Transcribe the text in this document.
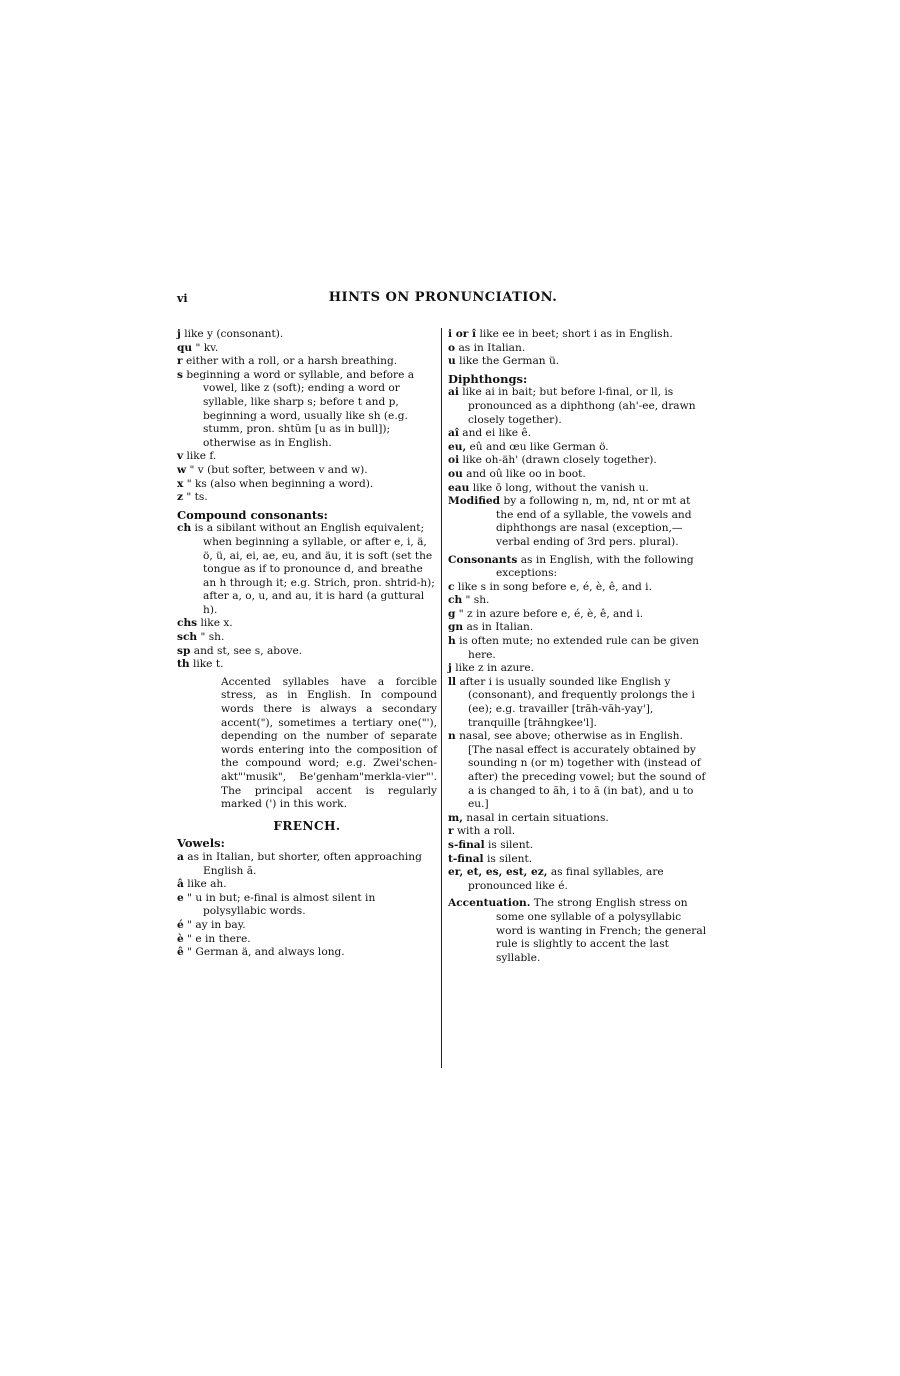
vi	HINTS ON PRONUNCIATION.
j like y (consonant).
qu " kv.
r either with a roll, or a harsh breathing.
s beginning a word or syllable, and before a vowel, like z (soft); ending a word or syllable, like sharp s; before t and p, beginning a word, usually like sh (e.g. stumm, pron. shtŭm [u as in bull]); otherwise as in English.
v like f.
w " v (but softer, between v and w).
x " ks (also when beginning a word).
z " ts.
Compound consonants:
ch is a sibilant without an English equivalent; when beginning a syllable, or after e, i, ä, ö, ü, ai, ei, ae, eu, and äu, it is soft (set the tongue as if to pronounce d, and breathe an h through it; e.g. Strich, pron. shtrid-h); after a, o, u, and au, it is hard (a guttural h).
chs like x.
sch " sh.
sp and st, see s, above.
th like t.
Accented syllables have a forcible stress, as in English. In compound words there is always a secondary accent("), sometimes a tertiary one("'), depending on the number of separate words entering into the composition of the compound word; e.g. Zwei'schen-akt"'musik", Be'genham"merkla-vier"'. The principal accent is regularly marked (') in this work.
FRENCH.
Vowels:
a as in Italian, but shorter, often approaching English ă.
â like ah.
e " u in but; e-final is almost silent in polysyllabic words.
é " ay in bay.
è " e in there.
ê " German ä, and always long.
i or î like ee in beet; short i as in English.
o as in Italian.
u like the German ü.
Diphthongs:
ai like ai in bait; but before l-final, or ll, is pronounced as a diphthong (ah'-ee, drawn closely together).
aî and ei like ê.
eu, eû and œu like German ö.
oi like oh-äh' (drawn closely together).
ou and oû like oo in boot.
eau like ō long, without the vanish u.
Modified by a following n, m, nd, nt or mt at the end of a syllable, the vowels and diphthongs are nasal (exception,—verbal ending of 3rd pers. plural).
Consonants as in English, with the following exceptions:
c like s in song before e, é, è, ê, and i.
ch " sh.
g " z in azure before e, é, è, ê, and i.
gn as in Italian.
h is often mute; no extended rule can be given here.
j like z in azure.
ll after i is usually sounded like English y (consonant), and frequently prolongs the i (ee); e.g. travailler [trăh-văh-yay'], tranquille [trăhngkee'l].
n nasal, see above; otherwise as in English. [The nasal effect is accurately obtained by sounding n (or m) together with (instead of after) the preceding vowel; but the sound of a is changed to ăh, i to ă (in bat), and u to eu.]
m, nasal in certain situations.
r with a roll.
s-final is silent.
t-final is silent.
er, et, es, est, ez, as final syllables, are pronounced like é.
Accentuation. The strong English stress on some one syllable of a polysyllabic word is wanting in French; the general rule is slightly to accent the last syllable.
